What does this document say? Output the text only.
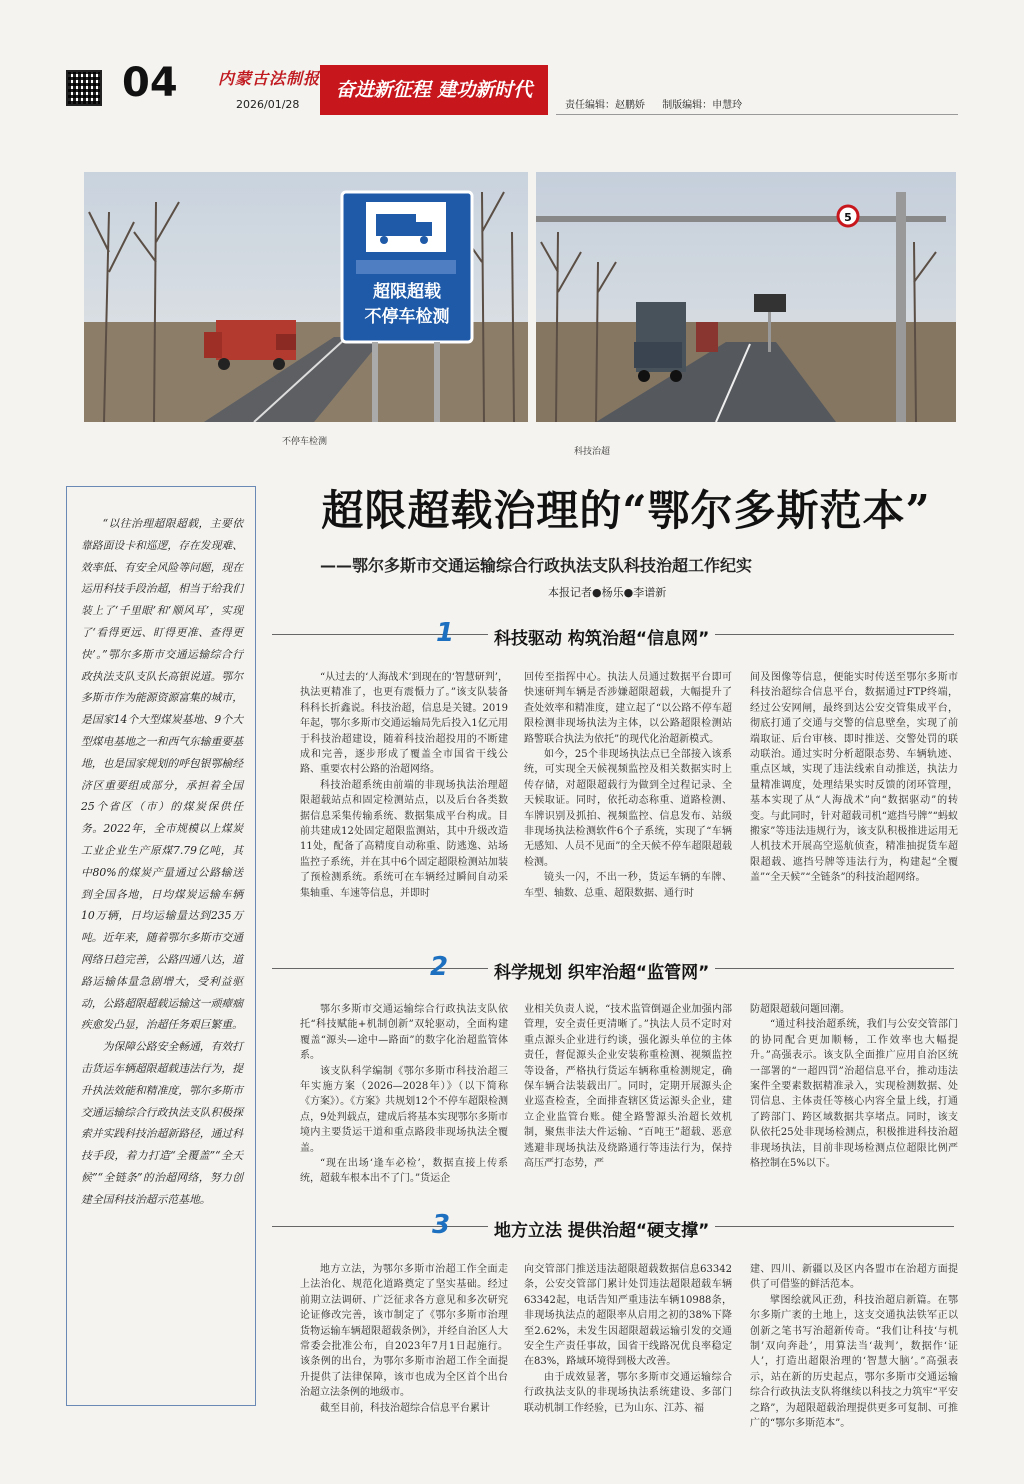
04	内蒙古法制报
2026/01/28
奋进新征程 建功新时代
责任编辑：赵鹏娇 制版编辑：申慧玲
超限超载
不停车检测
不停车检测
5
科技治超

“以往治理超限超载，主要依靠路面设卡和巡逻，存在发现难、效率低、有安全风险等问题，现在运用科技手段治超，相当于给我们装上了‘千里眼’和‘顺风耳’，实现了‘看得更远、盯得更准、查得更快’。”鄂尔多斯市交通运输综合行政执法支队支队长高银说道。鄂尔多斯市作为能源资源富集的城市，是国家14个大型煤炭基地、9个大型煤电基地之一和西气东输重要基地，也是国家规划的呼包银鄂榆经济区重要组成部分，承担着全国25个省区（市）的煤炭保供任务。2022年，全市规模以上煤炭工业企业生产原煤7.79亿吨，其中80%的煤炭产量通过公路输送到全国各地，日均煤炭运输车辆10万辆，日均运输量达到235万吨。近年来，随着鄂尔多斯市交通网络日趋完善，公路四通八达，道路运输体量急剧增大，受利益驱动，公路超限超载运输这一顽瘴痼疾愈发凸显，治超任务艰巨繁重。

为保障公路安全畅通，有效打击货运车辆超限超载违法行为，提升执法效能和精准度，鄂尔多斯市交通运输综合行政执法支队积极探索并实践科技治超新路径，通过科技手段，着力打造“全覆盖”“全天候”“全链条”的治超网络，努力创建全国科技治超示范基地。

超限超载治理的“鄂尔多斯范本”
——鄂尔多斯市交通运输综合行政执法支队科技治超工作纪实
本报记者●杨乐●李谱新
1	科技驱动 构筑治超“信息网”

“从过去的‘人海战术’到现在的‘智慧研判’，执法更精准了，也更有震慑力了。”该支队装备科科长折鑫说。科技治超，信息是关键。2019年起，鄂尔多斯市交通运输局先后投入1亿元用于科技治超建设，随着科技治超投用的不断建成和完善，逐步形成了覆盖全市国省干线公路、重要农村公路的治超网络。

科技治超系统由前端的非现场执法治理超限超载站点和固定检测站点，以及后台各类数据信息采集传输系统、数据集成平台构成。目前共建成12处固定超限监测站，其中升级改造11处，配备了高精度自动称重、防逃逸、站场监控子系统，并在其中6个固定超限检测站加装了预检测系统。系统可在车辆经过瞬间自动采集轴重、车速等信息，并即时

回传至指挥中心。执法人员通过数据平台即可快速研判车辆是否涉嫌超限超载，大幅提升了查处效率和精准度，建立起了“以公路不停车超限检测非现场执法为主体，以公路超限检测站路警联合执法为依托”的现代化治超新模式。

如今，25个非现场执法点已全部接入该系统，可实现全天候视频监控及相关数据实时上传存储，对超限超载行为做到全过程记录、全天候取证。同时，依托动态称重、道路检测、车牌识别及抓拍、视频监控、信息发布、站级非现场执法检测软件6个子系统，实现了“车辆无感知、人员不见面”的全天候不停车超限超载检测。

镜头一闪，不出一秒，货运车辆的车牌、车型、轴数、总重、超限数据、通行时

间及图像等信息，便能实时传送至鄂尔多斯市科技治超综合信息平台，数据通过FTP终端，经过公安网闸，最终到达公安交管集成平台，彻底打通了交通与交警的信息壁垒，实现了前端取证、后台审核、即时推送、交警处罚的联动联治。通过实时分析超限态势、车辆轨迹、重点区域，实现了违法线索自动推送，执法力量精准调度，处理结果实时反馈的闭环管理，基本实现了从“人海战术”向“数据驱动”的转变。与此同时，针对超载司机“遮挡号牌”“蚂蚁搬家”等违法违规行为，该支队积极推进运用无人机技术开展高空巡航侦查，精准抽捉货车超限超载、遮挡号牌等违法行为，构建起“全覆盖”“全天候”“全链条”的科技治超网络。

2	科学规划 织牢治超“监管网”

鄂尔多斯市交通运输综合行政执法支队依托“科技赋能+机制创新”双轮驱动，全面构建覆盖“源头—途中—路面”的数字化治超监管体系。

该支队科学编制《鄂尔多斯市科技治超三年实施方案（2026—2028年）》（以下简称《方案》）。《方案》共规划12个不停车超限检测点，9处判载点，建成后将基本实现鄂尔多斯市境内主要货运干道和重点路段非现场执法全覆盖。

“现在出场‘逢车必检’，数据直接上传系统，超载车根本出不了门。”货运企

业相关负责人说，“技术监管倒逼企业加强内部管理，安全责任更清晰了。”执法人员不定时对重点源头企业进行约谈，强化源头单位的主体责任，督促源头企业安装称重检测、视频监控等设备，严格执行货运车辆称重检测规定，确保车辆合法装载出厂。同时，定期开展源头企业巡查检查，全面排查辖区货运源头企业，建立企业监管台账。健全路警源头治超长效机制，聚焦非法大件运输、“百吨王”超载、恶意逃避非现场执法及绕路通行等违法行为，保持高压严打态势，严

防超限超载问题回潮。

“通过科技治超系统，我们与公安交管部门的协同配合更加顺畅，工作效率也大幅提升。”高强表示。该支队全面推广应用自治区统一部署的“一超四罚”治超信息平台，推动违法案件全要素数据精准录入，实现检测数据、处罚信息、主体责任等核心内容全量上线，打通了跨部门、跨区域数据共享堵点。同时，该支队依托25处非现场检测点，积极推进科技治超非现场执法，目前非现场检测点位超限比例严格控制在5%以下。

3	地方立法 提供治超“硬支撑”

地方立法，为鄂尔多斯市治超工作全面走上法治化、规范化道路奠定了坚实基础。经过前期立法调研、广泛征求各方意见和多次研究论证修改完善，该市制定了《鄂尔多斯市治理货物运输车辆超限超载条例》，并经自治区人大常委会批准公布，自2023年7月1日起施行。该条例的出台，为鄂尔多斯市治超工作全面提升提供了法律保障，该市也成为全区首个出台治超立法条例的地级市。

截至目前，科技治超综合信息平台累计

向交管部门推送违法超限超载数据信息63342条，公安交管部门累计处罚违法超限超载车辆63342起，电话告知严重违法车辆10988条，非现场执法点的超限率从启用之初的38%下降至2.62%，未发生因超限超载运输引发的交通安全生产责任事故，国省干线路况优良率稳定在83%，路域环境得到极大改善。

由于成效显著，鄂尔多斯市交通运输综合行政执法支队的非现场执法系统建设、多部门联动机制工作经验，已为山东、江苏、福

建、四川、新疆以及区内各盟市在治超方面提供了可借鉴的鲜活范本。

擘图绘就风正劲，科技治超启新篇。在鄂尔多斯广袤的土地上，这支交通执法铁军正以创新之笔书写治超新传奇。“我们让科技‘与机制’双向奔赴’，用算法当‘裁判’，数据作‘证人’，打造出超限治理的‘智慧大脑’。”高强表示，站在新的历史起点，鄂尔多斯市交通运输综合行政执法支队将继续以科技之力筑牢“平安之路”，为超限超载治理提供更多可复制、可推广的“鄂尔多斯范本”。
